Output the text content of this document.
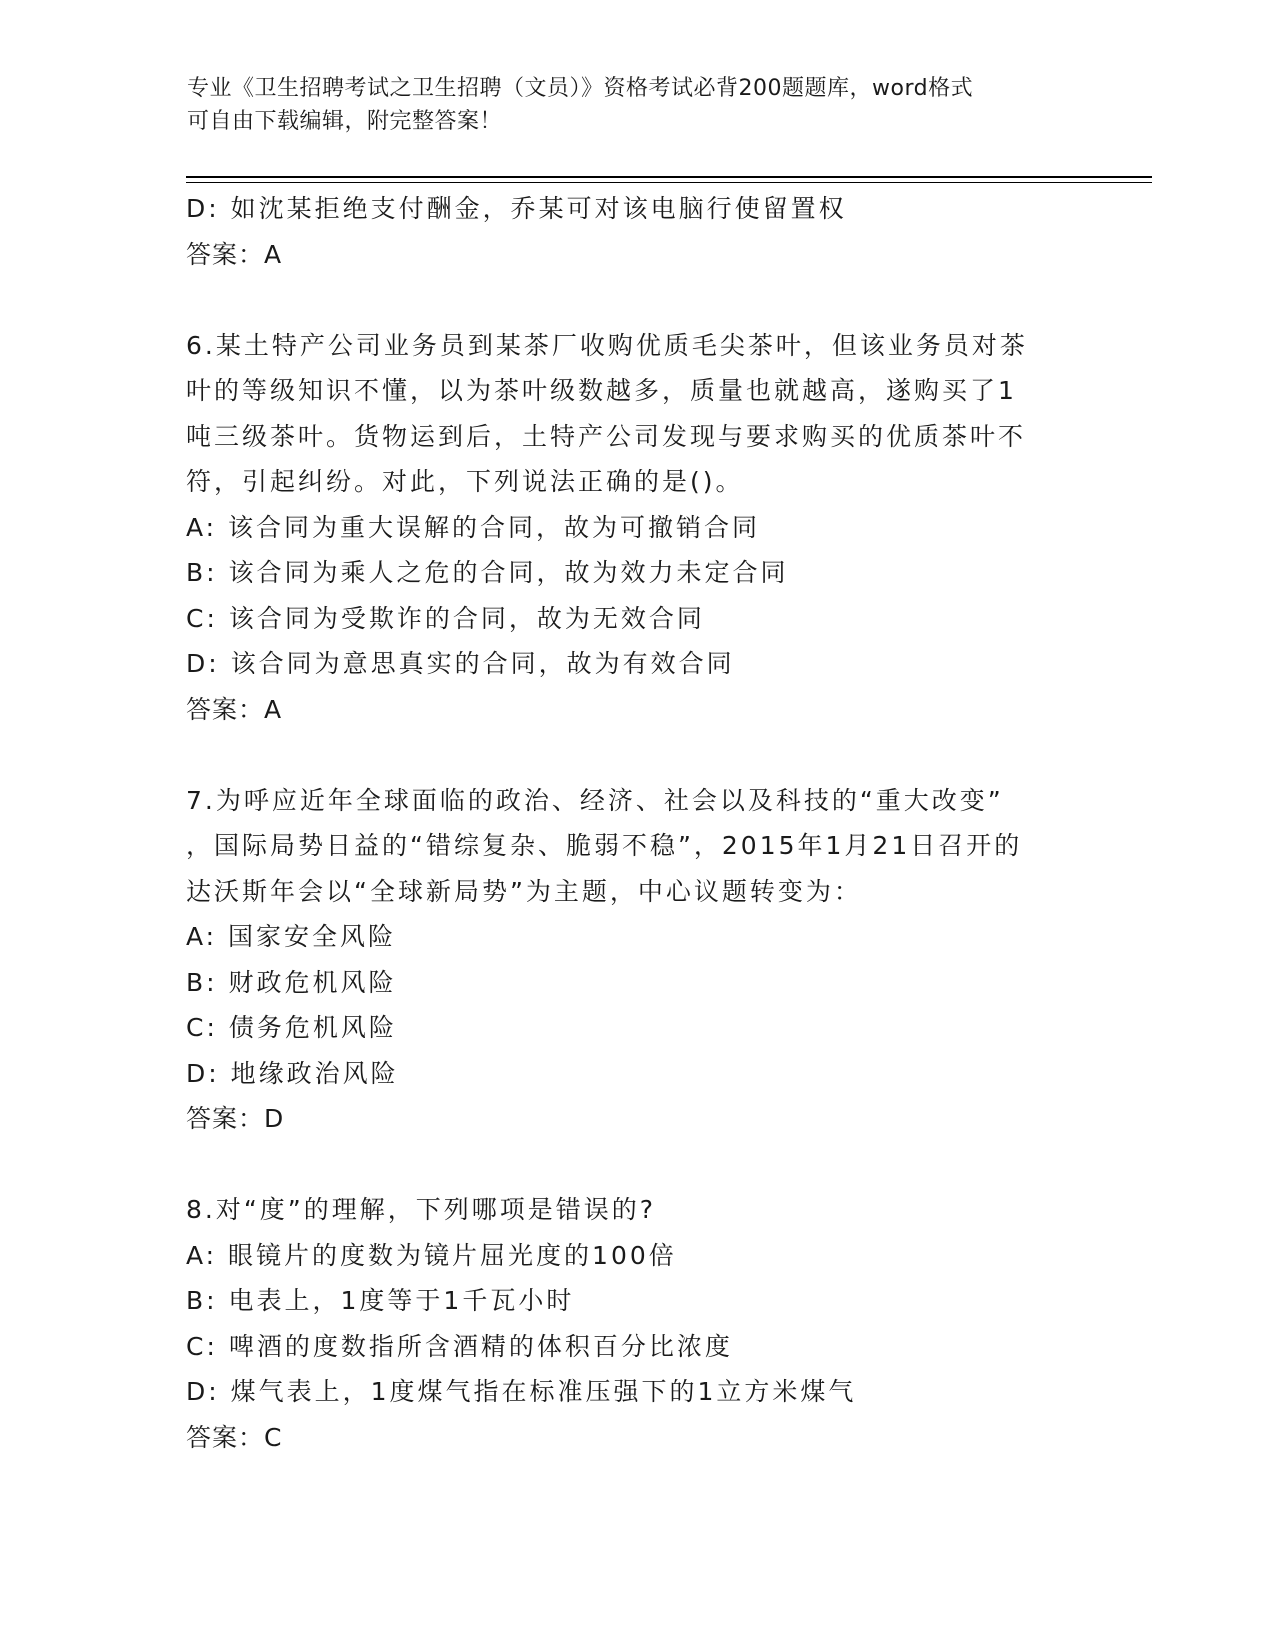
专业《卫生招聘考试之卫生招聘（文员）》资格考试必背200题题库，word格式
可自由下载编辑，附完整答案！
D: 如沈某拒绝支付酬金，乔某可对该电脑行使留置权
答案：A
6.某土特产公司业务员到某茶厂收购优质毛尖茶叶，但该业务员对茶
叶的等级知识不懂，以为茶叶级数越多，质量也就越高，遂购买了1
吨三级茶叶。货物运到后，土特产公司发现与要求购买的优质茶叶不
符，引起纠纷。对此，下列说法正确的是()。
A: 该合同为重大误解的合同，故为可撤销合同
B: 该合同为乘人之危的合同，故为效力未定合同
C: 该合同为受欺诈的合同，故为无效合同
D: 该合同为意思真实的合同，故为有效合同
答案：A
7.为呼应近年全球面临的政治、经济、社会以及科技的“重大改变”
，国际局势日益的“错综复杂、脆弱不稳”，2015年1月21日召开的
达沃斯年会以“全球新局势”为主题，中心议题转变为：
A: 国家安全风险
B: 财政危机风险
C: 债务危机风险
D: 地缘政治风险
答案：D
8.对“度”的理解，下列哪项是错误的?
A: 眼镜片的度数为镜片屈光度的100倍
B: 电表上，1度等于1千瓦小时
C: 啤酒的度数指所含酒精的体积百分比浓度
D: 煤气表上，1度煤气指在标准压强下的1立方米煤气
答案：C
